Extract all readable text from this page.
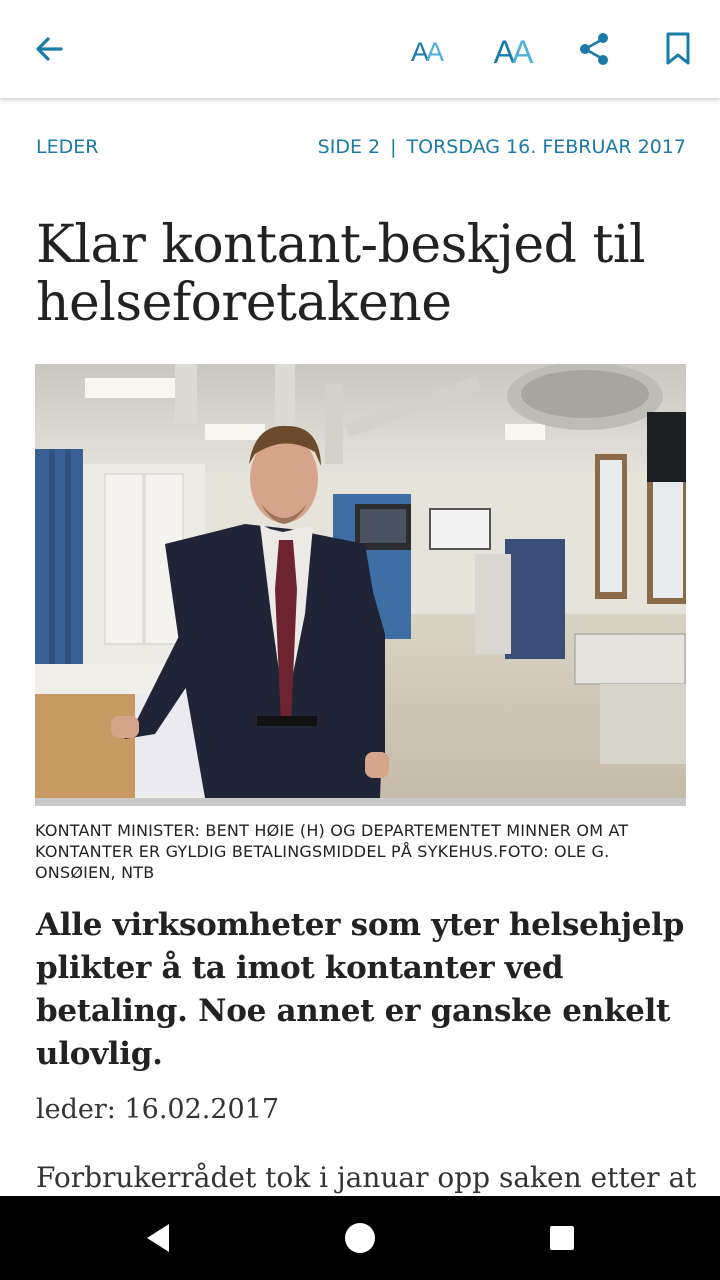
AA AA
LEDER	SIDE 2 | TORSDAG 16. FEBRUAR 2017
Klar kontant-beskjed til helseforetakene

KONTANT MINISTER: BENT HØIE (H) OG DEPARTEMENTET MINNER OM AT KONTANTER ER GYLDIG BETALINGSMIDDEL PÅ SYKEHUS.FOTO: OLE G. ONSØIEN, NTB

Alle virksomheter som yter helsehjelp plikter å ta imot kontanter ved betaling. Noe annet er ganske enkelt ulovlig.

leder: 16.02.2017

Forbrukerrådet tok i januar opp saken etter at
